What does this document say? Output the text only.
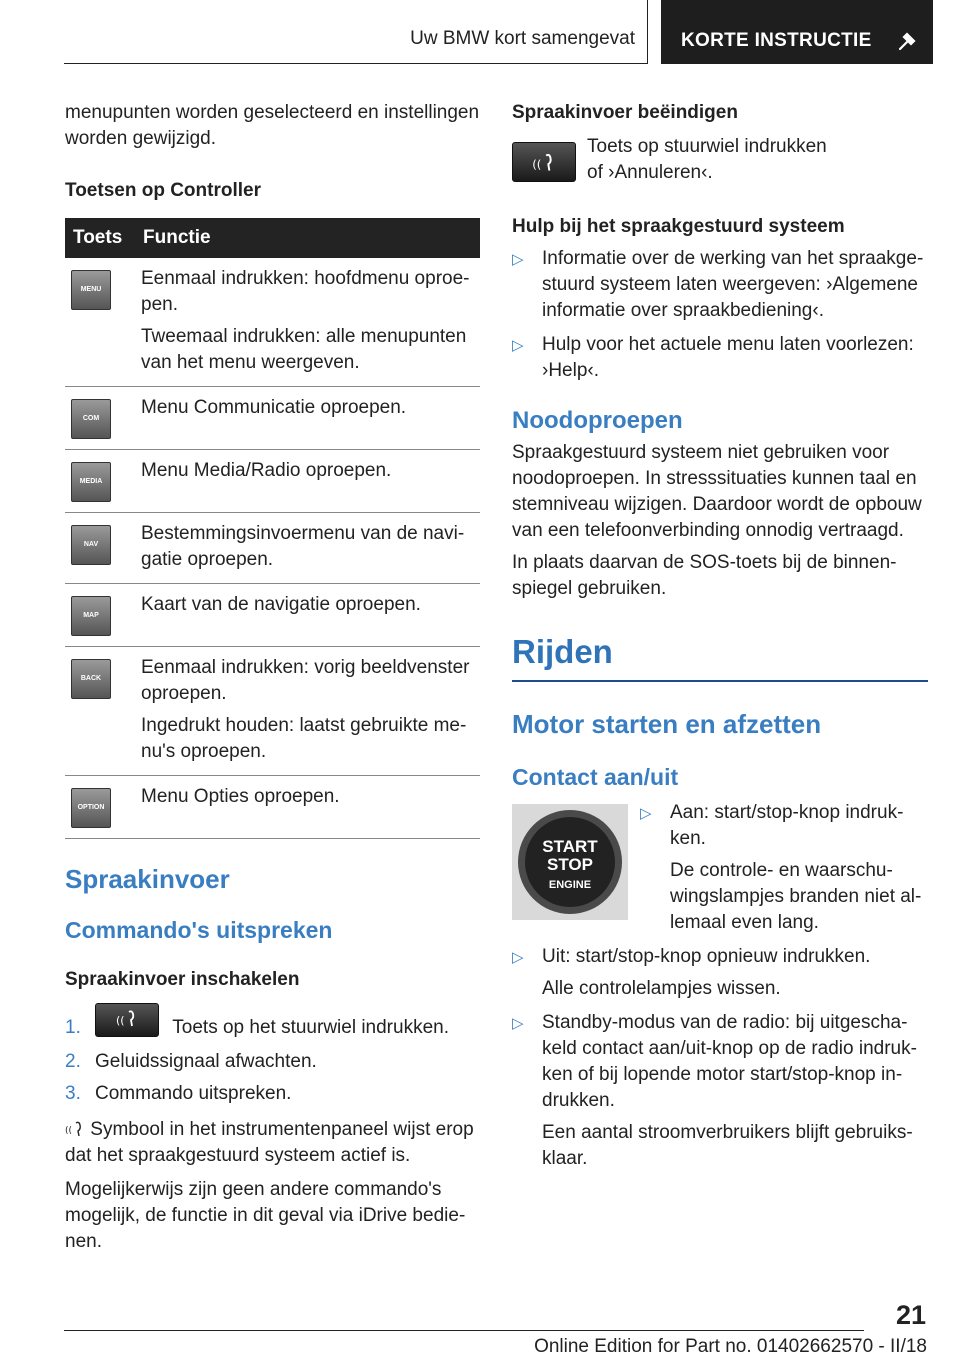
Uw BMW kort samengevat KORTE INSTRUCTIE

menupunten worden geselecteerd en instellingen worden gewijzigd.

Toetsen op Controller

Toets	Functie

MENU	Eenmaal indrukken: hoofdmenu oproepen.

Tweemaal indrukken: alle menupunten van het menu weergeven.

COM	Menu Communicatie oproepen.

MEDIA	Menu Media/Radio oproepen.

NAV	Bestemmingsinvoermenu van de navigatie oproepen.

MAP	Kaart van de navigatie oproepen.

BACK	Eenmaal indrukken: vorig beeldvenster oproepen.

Ingedrukt houden: laatst gebruikte menu's oproepen.

OPTION	Menu Opties oproepen.

Spraakinvoer

Commando's uitspreken

Spraakinvoer inschakelen

1.	((	Toets op het stuurwiel indrukken.
2. Geluidssignaal afwachten.
3. Commando uitspreken.

(( Symbool in het instrumentenpaneel wijst erop dat het spraakgestuurd systeem actief is.

Mogelijkerwijs zijn geen andere commando's mogelijk, de functie in dit geval via iDrive bedienen.

Spraakinvoer beëindigen

((

Toets op stuurwiel indrukken of ›Annuleren‹.

Hulp bij het spraakgestuurd systeem

▷ Informatie over de werking van het spraakgestuurd systeem laten weergeven: ›Algemene informatie over spraakbediening‹.
▷ Hulp voor het actuele menu laten voorlezen: ›Help‹.

Noodoproepen

Spraakgestuurd systeem niet gebruiken voor noodoproepen. In stresssituaties kunnen taal en stemniveau wijzigen. Daardoor wordt de opbouw van een telefoonverbinding onnodig vertraagd.

In plaats daarvan de SOS-toets bij de binnenspiegel gebruiken.

Rijden

Motor starten en afzetten

Contact aan/uit

START
STOP
ENGINE
▷ Aan: start/stop-knop indrukken.

De controle- en waarschuwingslampjes branden niet allemaal even lang.

▷ Uit: start/stop-knop opnieuw indrukken.

Alle controlelampjes wissen.

▷ Standby-modus van de radio: bij uitgeschakeld contact aan/uit-knop op de radio indrukken of bij lopende motor start/stop-knop indrukken.

Een aantal stroomverbruikers blijft gebruiksklaar.

21
Online Edition for Part no. 01402662570 - II/18
